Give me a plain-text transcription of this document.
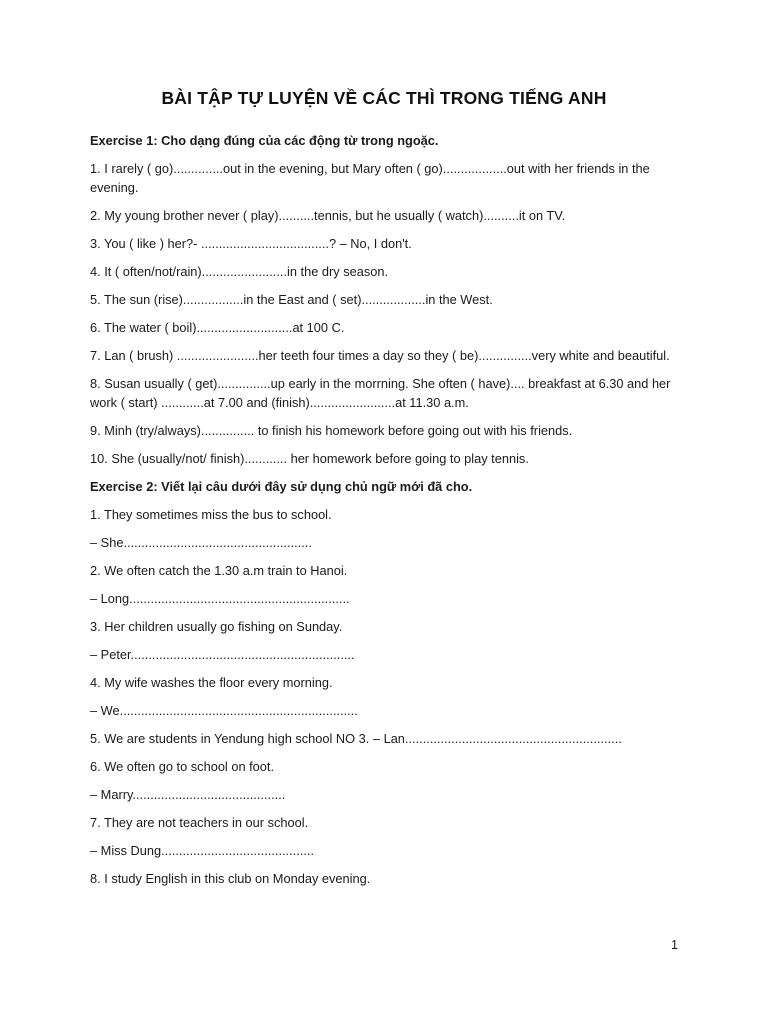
BÀI TẬP TỰ LUYỆN VỀ CÁC THÌ TRONG TIẾNG ANH

Exercise 1: Cho dạng đúng của các động từ trong ngoặc.

1. I rarely ( go)..............out in the evening, but Mary often ( go)..................out with her friends in the evening.

2. My young brother never ( play)..........tennis, but he usually ( watch)..........it on TV.

3. You ( like ) her?- ....................................? – No, I don't.

4. It ( often/not/rain)........................in the dry season.

5. The sun (rise).................in the East and ( set)..................in the West.

6. The water ( boil)...........................at 100 C.

7. Lan ( brush) .......................her teeth four times a day so they ( be)...............very white and beautiful.

8. Susan usually ( get)...............up early in the morrning. She often ( have).... breakfast at 6.30 and her work ( start) ............at 7.00 and (finish)........................at 11.30 a.m.

9. Minh (try/always)............... to finish his homework before going out with his friends.

10. She (usually/not/ finish)............ her homework before going to play tennis.

Exercise 2: Viết lại câu dưới đây sử dụng chủ ngữ mới đã cho.

1. They sometimes miss the bus to school.

– She.....................................................

2. We often catch the 1.30 a.m train to Hanoi.

– Long..............................................................

3. Her children usually go fishing on Sunday.

– Peter...............................................................

4. My wife washes the floor every morning.

– We...................................................................

5. We are students in Yendung high school NO 3. – Lan.............................................................

6. We often go to school on foot.

– Marry...........................................

7. They are not teachers in our school.

– Miss Dung...........................................

8. I study English in this club on Monday evening.

1
